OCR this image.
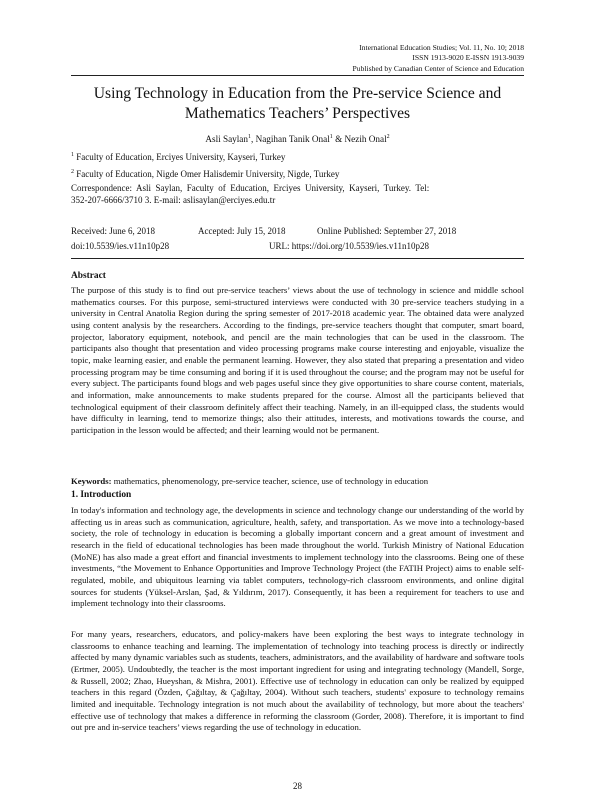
International Education Studies; Vol. 11, No. 10; 2018
ISSN 1913-9020 E-ISSN 1913-9039
Published by Canadian Center of Science and Education
Using Technology in Education from the Pre-service Science and
Mathematics Teachers’ Perspectives
Asli Saylan$^1$, Nagihan Tanik Onal$^1$ & Nezih Onal$^2$
$^1$ Faculty of Education, Erciyes University, Kayseri, Turkey
$^2$ Faculty of Education, Nigde Omer Halisdemir University, Nigde, Turkey
Correspondence:  Asli  Saylan,  Faculty  of  Education,  Erciyes  University,  Kayseri,  Turkey.  Tel:
352-207-6666/3710 3. E-mail: aslisaylan@erciyes.edu.tr
Received: June 6, 2018	Accepted: July 15, 2018	Online Published: September 27, 2018
doi:10.5539/ies.v11n10p28	URL: https://doi.org/10.5539/ies.v11n10p28
Abstract
The purpose of this study is to find out pre-service teachers’ views about the use of technology in science and middle school mathematics courses. For this purpose, semi-structured interviews were conducted with 30 pre-service teachers studying in a university in Central Anatolia Region during the spring semester of 2017-2018 academic year. The obtained data were analyzed using content analysis by the researchers. According to the findings, pre-service teachers thought that computer, smart board, projector, laboratory equipment, notebook, and pencil are the main technologies that can be used in the classroom. The participants also thought that presentation and video processing programs make course interesting and enjoyable, visualize the topic, make learning easier, and enable the permanent learning. However, they also stated that preparing a presentation and video processing program may be time consuming and boring if it is used throughout the course; and the program may not be useful for every subject. The participants found blogs and web pages useful since they give opportunities to share course content, materials, and information, make announcements to make students prepared for the course. Almost all the participants believed that technological equipment of their classroom definitely affect their teaching. Namely, in an ill-equipped class, the students would have difficulty in learning, tend to memorize things; also their attitudes, interests, and motivations towards the course, and participation in the lesson would be affected; and their learning would not be permanent.
Keywords: mathematics, phenomenology, pre-service teacher, science, use of technology in education
1. Introduction
In today's information and technology age, the developments in science and technology change our understanding of the world by affecting us in areas such as communication, agriculture, health, safety, and transportation. As we move into a technology-based society, the role of technology in education is becoming a globally important concern and a great amount of investment and research in the field of educational technologies has been made throughout the world. Turkish Ministry of National Education (MoNE) has also made a great effort and financial investments to implement technology into the classrooms. Being one of these investments, “the Movement to Enhance Opportunities and Improve Technology Project (the FATIH Project) aims to enable self-regulated, mobile, and ubiquitous learning via tablet computers, technology-rich classroom environments, and online digital sources for students (Yüksel-Arslan, Şad, & Yıldırım, 2017). Consequently, it has been a requirement for teachers to use and implement technology into their classrooms.
For many years, researchers, educators, and policy-makers have been exploring the best ways to integrate technology in classrooms to enhance teaching and learning. The implementation of technology into teaching process is directly or indirectly affected by many dynamic variables such as students, teachers, administrators, and the availability of hardware and software tools (Ertmer, 2005). Undoubtedly, the teacher is the most important ingredient for using and integrating technology (Mandell, Sorge, & Russell, 2002; Zhao, Hueyshan, & Mishra, 2001). Effective use of technology in education can only be realized by equipped teachers in this regard (Özden, Çağıltay, & Çağıltay, 2004). Without such teachers, students' exposure to technology remains limited and inequitable. Technology integration is not much about the availability of technology, but more about the teachers' effective use of technology that makes a difference in reforming the classroom (Gorder, 2008). Therefore, it is important to find out pre and in-service teachers’ views regarding the use of technology in education.
28
